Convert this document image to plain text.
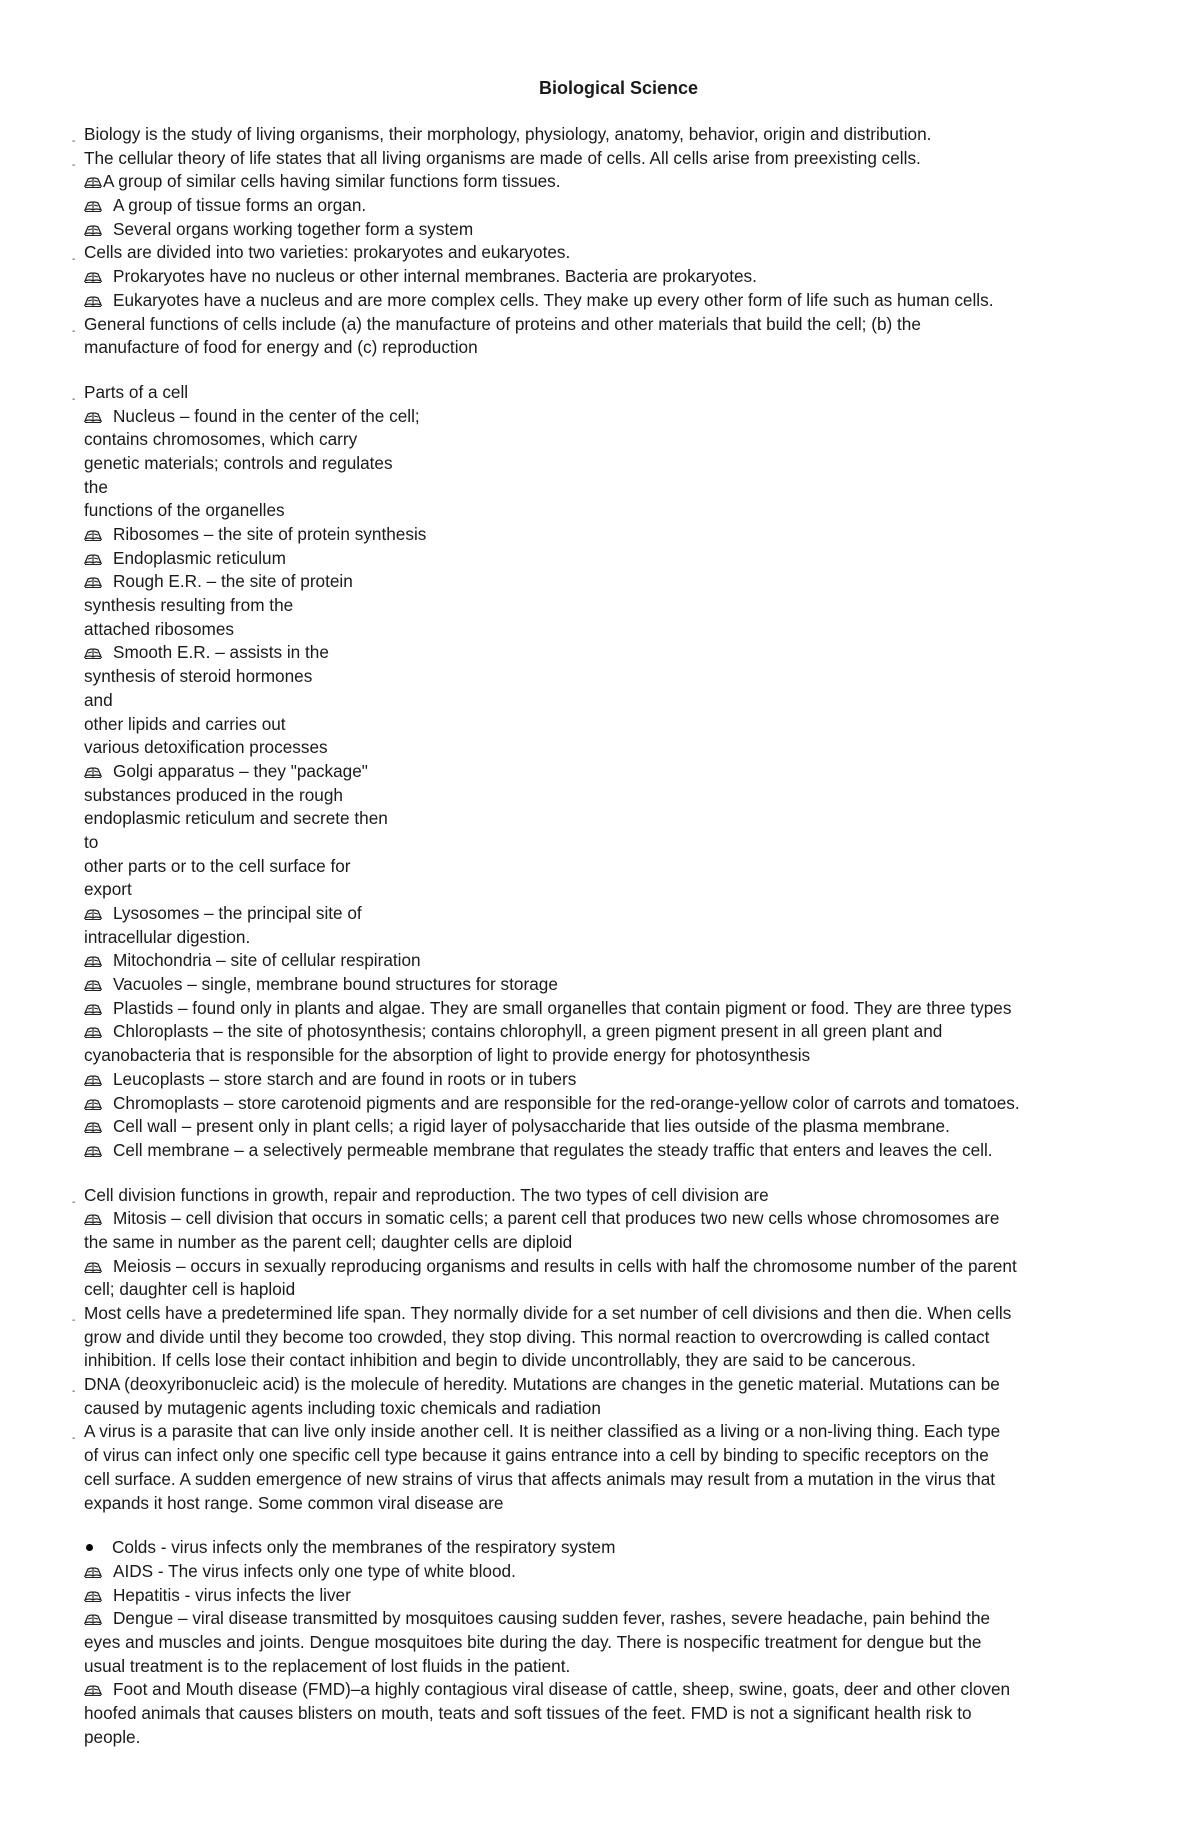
Biological Science
- Biology is the study of living organisms, their morphology, physiology, anatomy, behavior, origin and distribution.
- The cellular theory of life states that all living organisms are made of cells. All cells arise from preexisting cells.
A group of similar cells having similar functions form tissues.
A group of tissue forms an organ.
Several organs working together form a system
- Cells are divided into two varieties: prokaryotes and eukaryotes.
Prokaryotes have no nucleus or other internal membranes. Bacteria are prokaryotes.
Eukaryotes have a nucleus and are more complex cells. They make up every other form of life such as human cells.
- General functions of cells include (a) the manufacture of proteins and other materials that build the cell; (b) the
manufacture of food for energy and (c) reproduction
- Parts of a cell
Nucleus – found in the center of the cell;
contains chromosomes, which carry
genetic materials; controls and regulates
the
functions of the organelles
Ribosomes – the site of protein synthesis
Endoplasmic reticulum
Rough E.R. – the site of protein
synthesis resulting from the
attached ribosomes
Smooth E.R. – assists in the
synthesis of steroid hormones
and
other lipids and carries out
various detoxification processes
Golgi apparatus – they "package"
substances produced in the rough
endoplasmic reticulum and secrete then
to
other parts or to the cell surface for
export
Lysosomes – the principal site of
intracellular digestion.
Mitochondria – site of cellular respiration
Vacuoles – single, membrane bound structures for storage
Plastids – found only in plants and algae. They are small organelles that contain pigment or food. They are three types
Chloroplasts – the site of photosynthesis; contains chlorophyll, a green pigment present in all green plant and
cyanobacteria that is responsible for the absorption of light to provide energy for photosynthesis
Leucoplasts – store starch and are found in roots or in tubers
Chromoplasts – store carotenoid pigments and are responsible for the red-orange-yellow color of carrots and tomatoes.
Cell wall – present only in plant cells; a rigid layer of polysaccharide that lies outside of the plasma membrane.
Cell membrane – a selectively permeable membrane that regulates the steady traffic that enters and leaves the cell.
- Cell division functions in growth, repair and reproduction. The two types of cell division are
Mitosis – cell division that occurs in somatic cells; a parent cell that produces two new cells whose chromosomes are
the same in number as the parent cell; daughter cells are diploid
Meiosis – occurs in sexually reproducing organisms and results in cells with half the chromosome number of the parent
cell; daughter cell is haploid
- Most cells have a predetermined life span. They normally divide for a set number of cell divisions and then die. When cells
grow and divide until they become too crowded, they stop diving. This normal reaction to overcrowding is called contact
inhibition. If cells lose their contact inhibition and begin to divide uncontrollably, they are said to be cancerous.
- DNA (deoxyribonucleic acid) is the molecule of heredity. Mutations are changes in the genetic material. Mutations can be
caused by mutagenic agents including toxic chemicals and radiation
- A virus is a parasite that can live only inside another cell. It is neither classified as a living or a non-living thing. Each type
of virus can infect only one specific cell type because it gains entrance into a cell by binding to specific receptors on the
cell surface. A sudden emergence of new strains of virus that affects animals may result from a mutation in the virus that
expands it host range. Some common viral disease are
Colds - virus infects only the membranes of the respiratory system
AIDS - The virus infects only one type of white blood.
Hepatitis - virus infects the liver
Dengue – viral disease transmitted by mosquitoes causing sudden fever, rashes, severe headache, pain behind the
eyes and muscles and joints. Dengue mosquitoes bite during the day. There is nospecific treatment for dengue but the
usual treatment is to the replacement of lost fluids in the patient.
Foot and Mouth disease (FMD)–a highly contagious viral disease of cattle, sheep, swine, goats, deer and other cloven
hoofed animals that causes blisters on mouth, teats and soft tissues of the feet. FMD is not a significant health risk to
people.
